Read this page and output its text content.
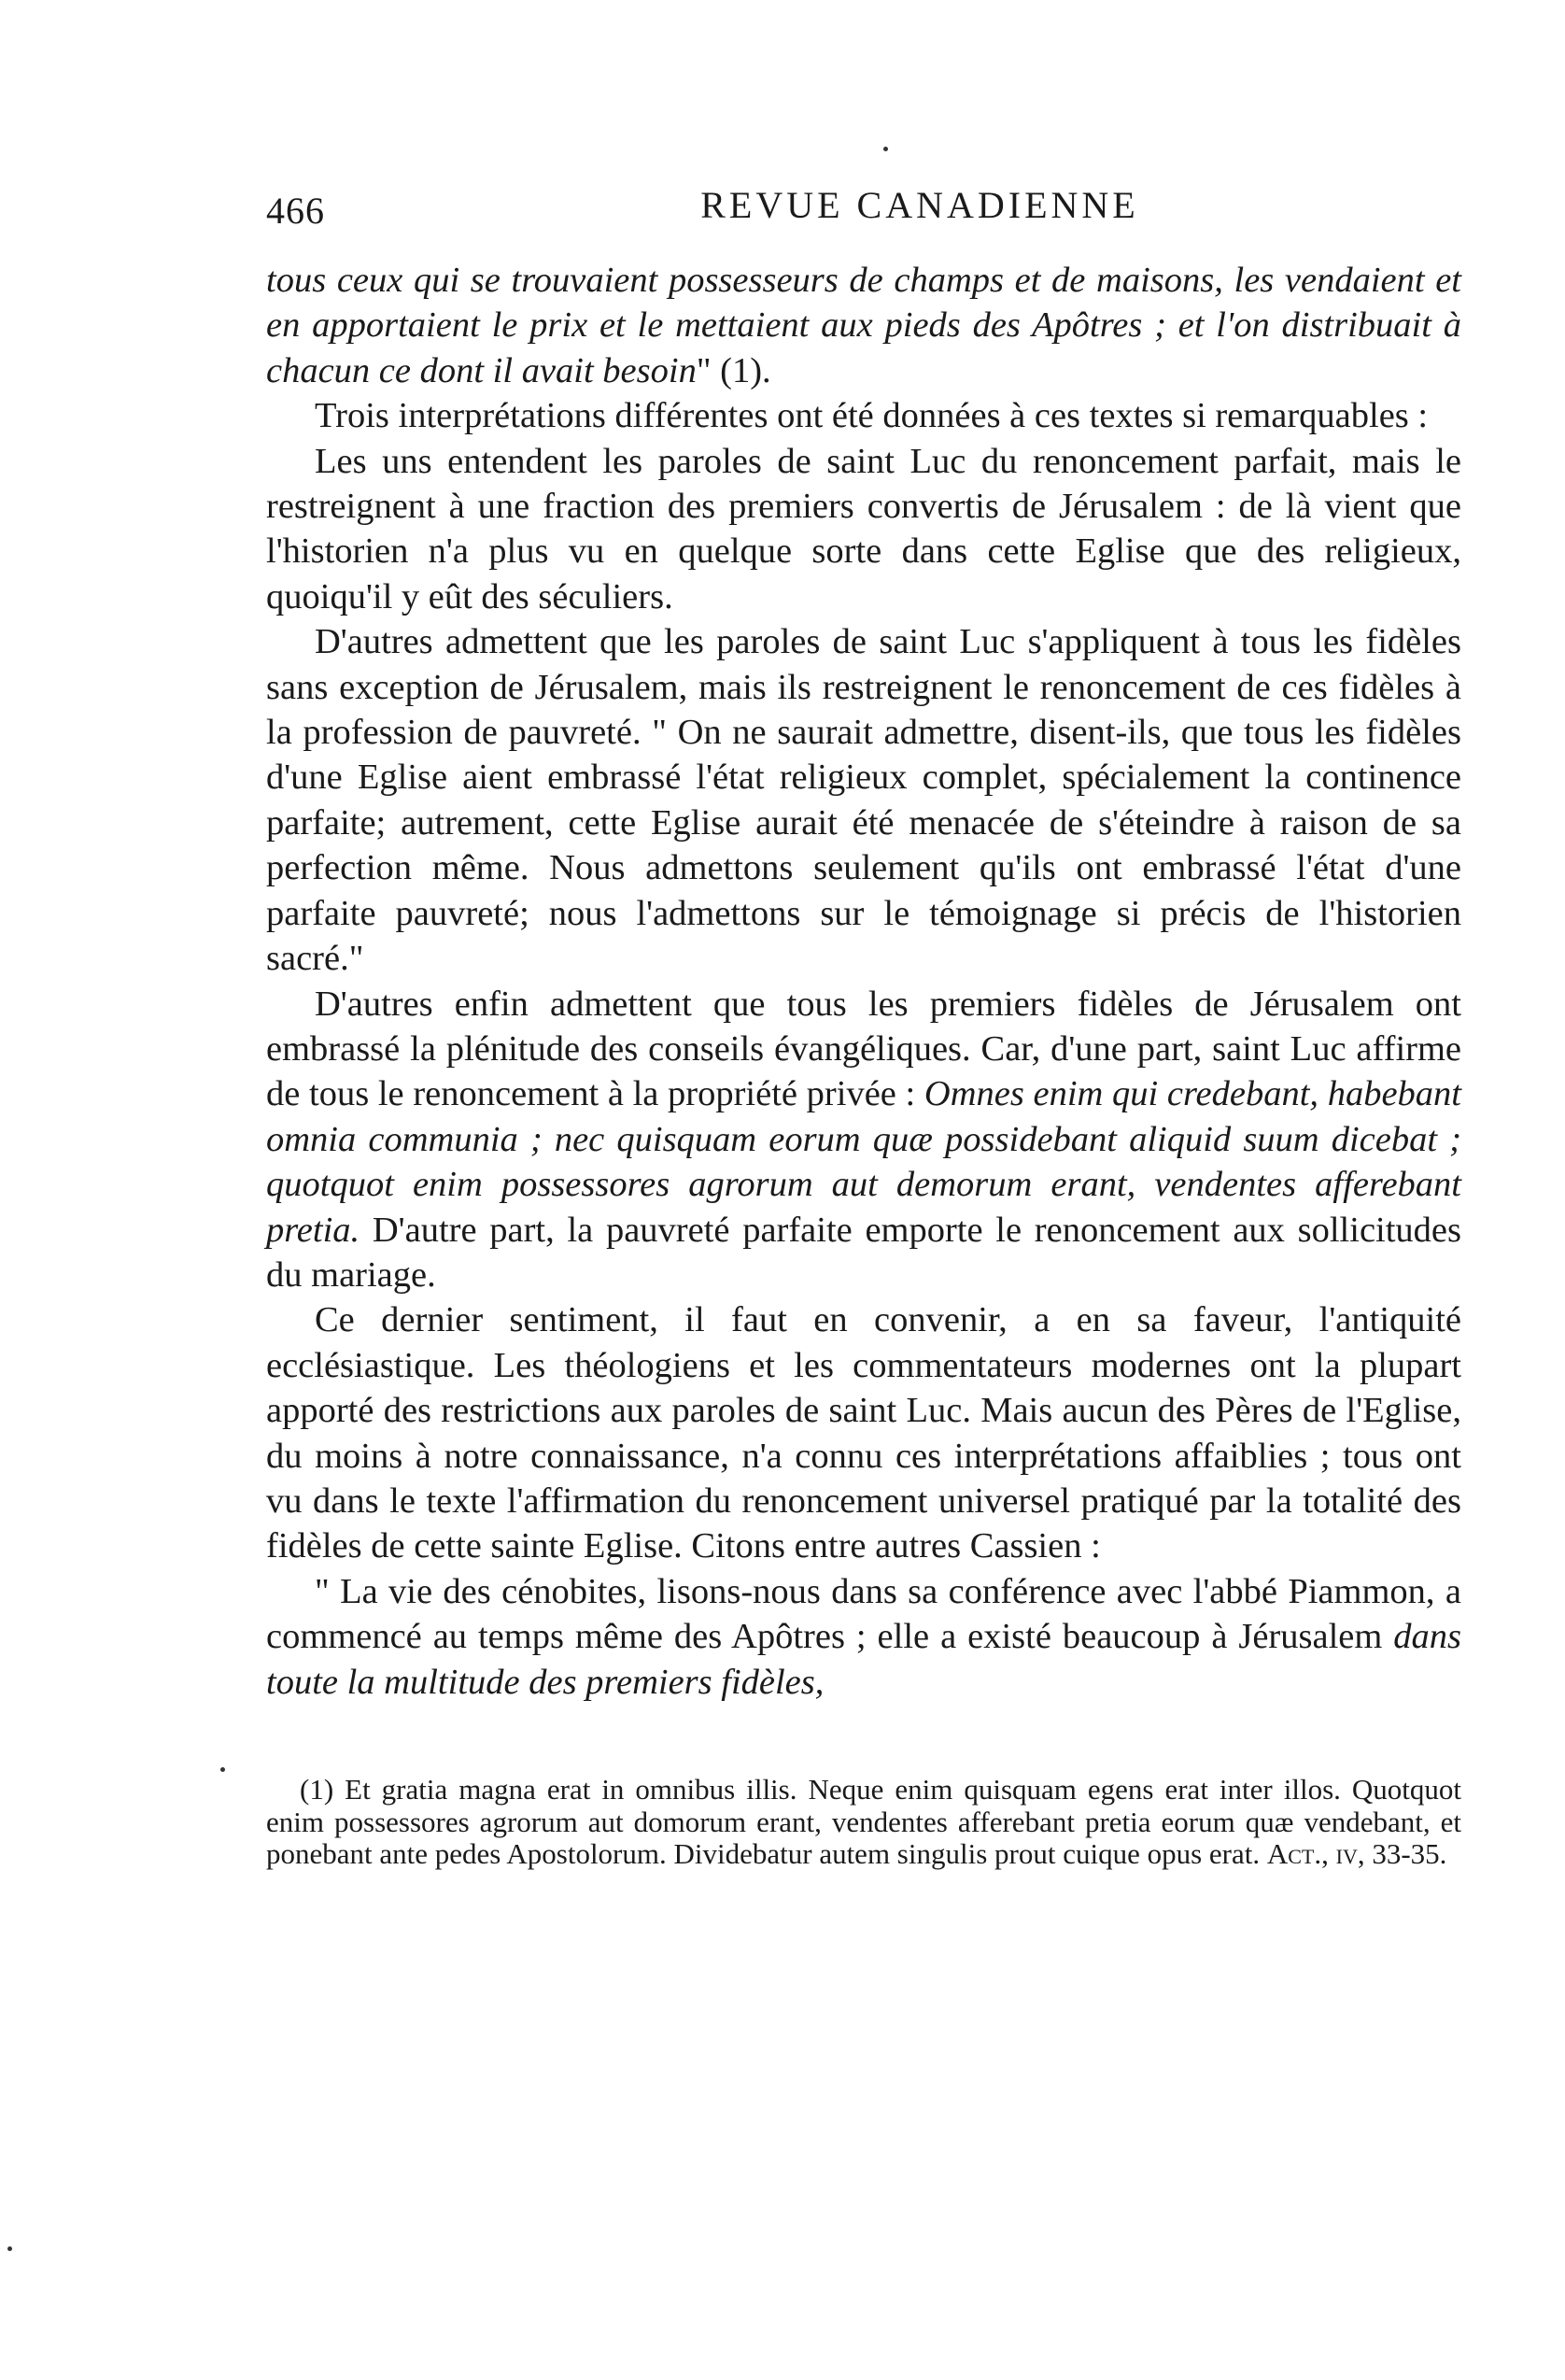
466	REVUE CANADIENNE

tous ceux qui se trouvaient possesseurs de champs et de maisons, les vendaient et en apportaient le prix et le mettaient aux pieds des Apôtres ; et l'on distribuait à chacun ce dont il avait besoin" (1).

Trois interprétations différentes ont été données à ces textes si remarquables :

Les uns entendent les paroles de saint Luc du renoncement parfait, mais le restreignent à une fraction des premiers convertis de Jérusalem : de là vient que l'historien n'a plus vu en quelque sorte dans cette Eglise que des religieux, quoiqu'il y eût des séculiers.

D'autres admettent que les paroles de saint Luc s'appliquent à tous les fidèles sans exception de Jérusalem, mais ils restreignent le renoncement de ces fidèles à la profession de pauvreté. " On ne saurait admettre, disent-ils, que tous les fidèles d'une Eglise aient embrassé l'état religieux complet, spécialement la continence parfaite; autrement, cette Eglise aurait été menacée de s'éteindre à raison de sa perfection même. Nous admettons seulement qu'ils ont embrassé l'état d'une parfaite pauvreté; nous l'admettons sur le témoignage si précis de l'historien sacré."

D'autres enfin admettent que tous les premiers fidèles de Jérusalem ont embrassé la plénitude des conseils évangéliques. Car, d'une part, saint Luc affirme de tous le renoncement à la propriété privée : Omnes enim qui credebant, habebant omnia communia ; nec quisquam eorum quæ possidebant aliquid suum dicebat ; quotquot enim possessores agrorum aut demorum erant, vendentes afferebant pretia. D'autre part, la pauvreté parfaite emporte le renoncement aux sollicitudes du mariage.

Ce dernier sentiment, il faut en convenir, a en sa faveur, l'antiquité ecclésiastique. Les théologiens et les commentateurs modernes ont la plupart apporté des restrictions aux paroles de saint Luc. Mais aucun des Pères de l'Eglise, du moins à notre connaissance, n'a connu ces interprétations affaiblies ; tous ont vu dans le texte l'affirmation du renoncement universel pratiqué par la totalité des fidèles de cette sainte Eglise. Citons entre autres Cassien :

" La vie des cénobites, lisons-nous dans sa conférence avec l'abbé Piammon, a commencé au temps même des Apôtres ; elle a existé beaucoup à Jérusalem dans toute la multitude des premiers fidèles,

(1) Et gratia magna erat in omnibus illis. Neque enim quisquam egens erat inter illos. Quotquot enim possessores agrorum aut domorum erant, vendentes afferebant pretia eorum quæ vendebant, et ponebant ante pedes Apostolorum. Dividebatur autem singulis prout cuique opus erat. Act., iv, 33-35.
